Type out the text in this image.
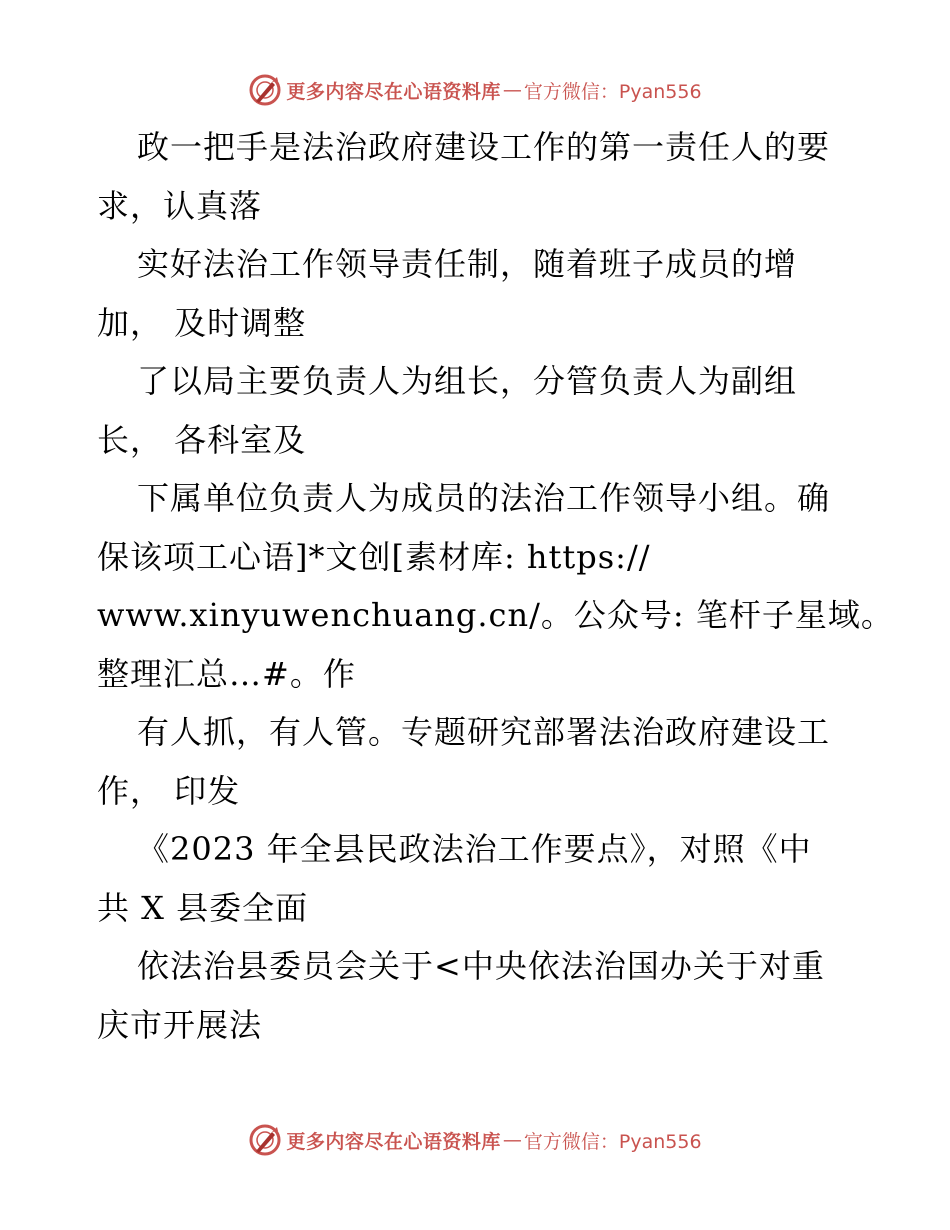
更多内容尽在心语资料库 — 官方微信：Pyan556
政一把手是法治政府建设工作的第一责任人的要
求，认真落
实好法治工作领导责任制，随着班子成员的增
加， 及时调整
了以局主要负责人为组长，分管负责人为副组
长， 各科室及
下属单位负责人为成员的法治工作领导小组。确
保该项工心语]*文创[素材库: https://
www.xinyuwenchuang.cn/。公众号: 笔杆子星域。
整理汇总…#。作
有人抓，有人管。专题研究部署法治政府建设工
作， 印发
《2023 年全县民政法治工作要点》，对照《中
共 X 县委全面
依法治县委员会关于<中央依法治国办关于对重
庆市开展法
更多内容尽在心语资料库 — 官方微信：Pyan556
